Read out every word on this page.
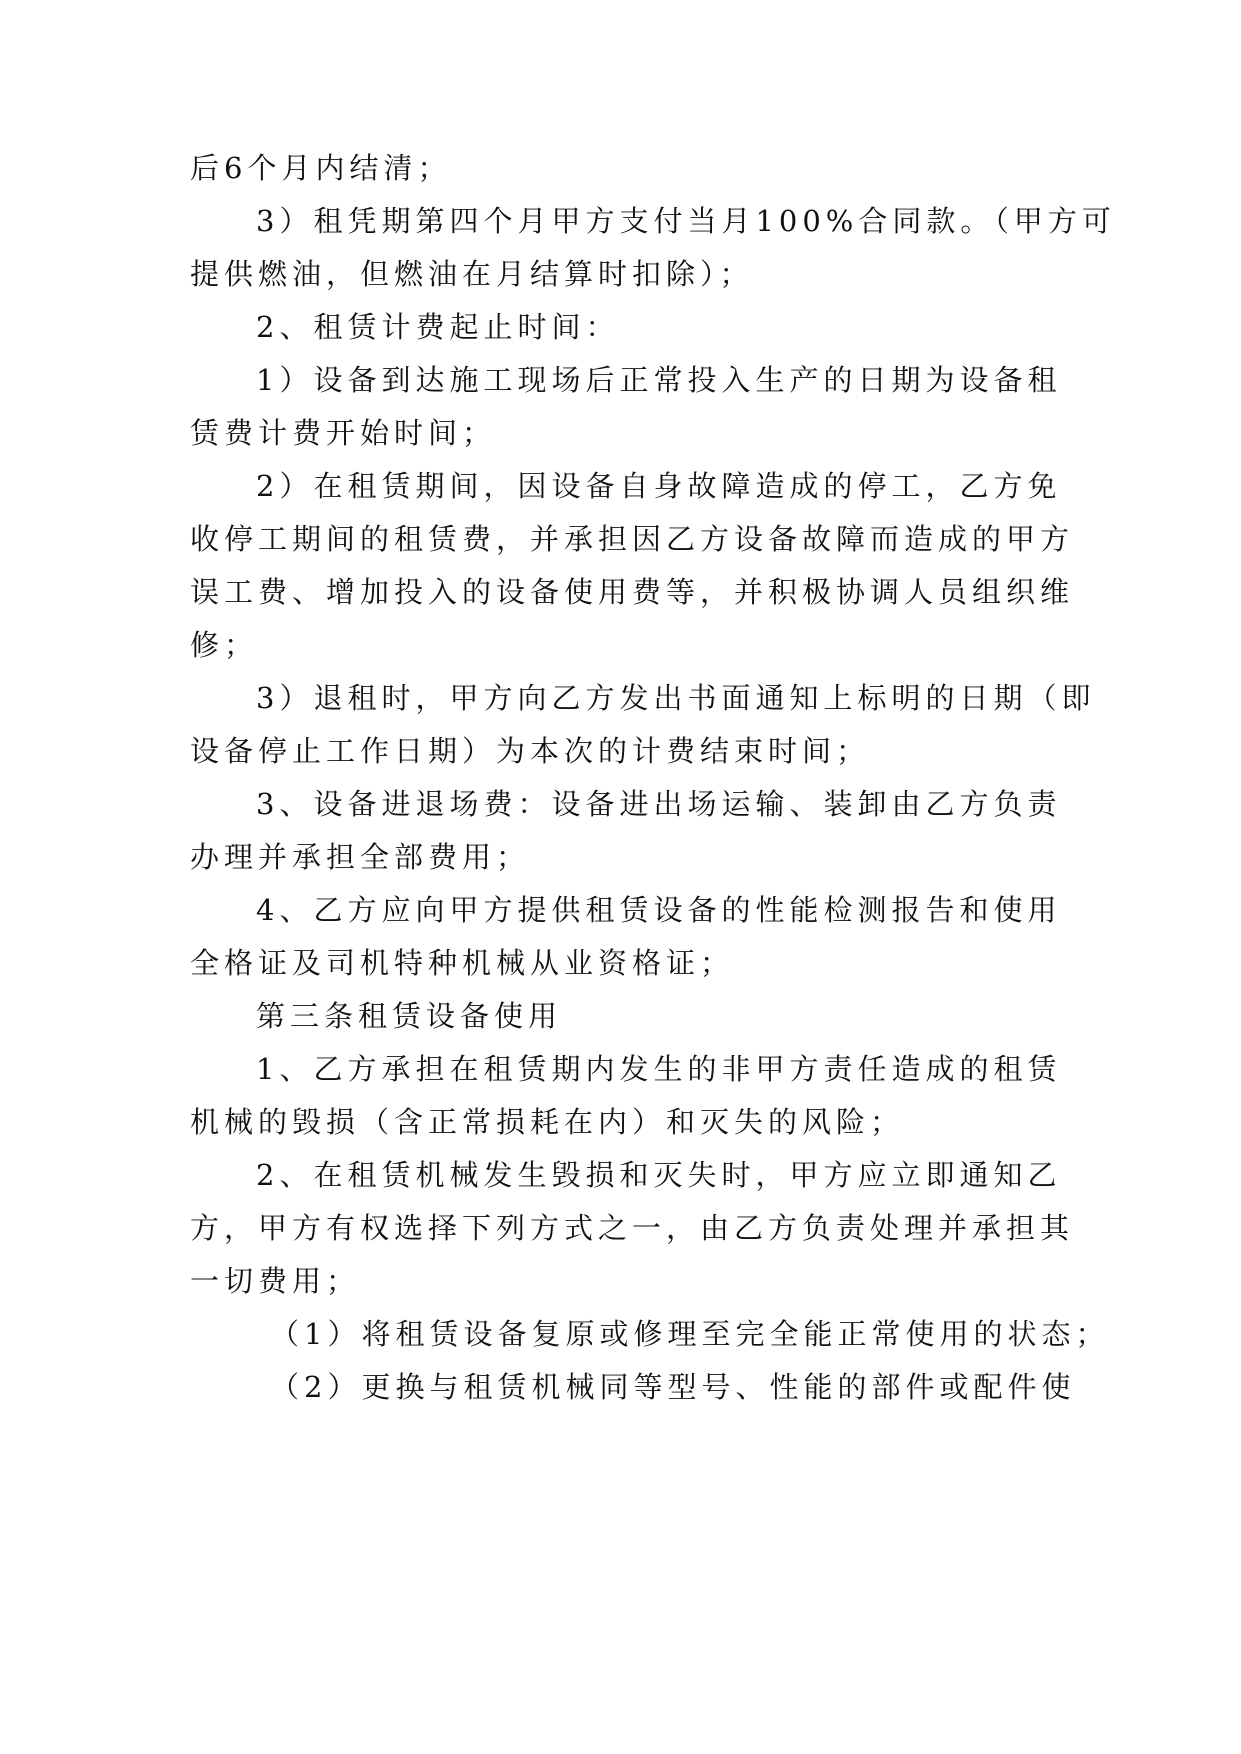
后6个月内结清；
3）租凭期第四个月甲方支付当月100%合同款。（甲方可
提供燃油，但燃油在月结算时扣除）；
2、租赁计费起止时间：
1）设备到达施工现场后正常投入生产的日期为设备租
赁费计费开始时间；
2）在租赁期间，因设备自身故障造成的停工，乙方免
收停工期间的租赁费，并承担因乙方设备故障而造成的甲方
误工费、增加投入的设备使用费等，并积极协调人员组织维
修；
3）退租时，甲方向乙方发出书面通知上标明的日期（即
设备停止工作日期）为本次的计费结束时间；
3、设备进退场费：设备进出场运输、装卸由乙方负责
办理并承担全部费用；
4、乙方应向甲方提供租赁设备的性能检测报告和使用
全格证及司机特种机械从业资格证；
第三条租赁设备使用
1、乙方承担在租赁期内发生的非甲方责任造成的租赁
机械的毁损（含正常损耗在内）和灭失的风险；
2、在租赁机械发生毁损和灭失时，甲方应立即通知乙
方，甲方有权选择下列方式之一，由乙方负责处理并承担其
一切费用；
（1）将租赁设备复原或修理至完全能正常使用的状态；
（2）更换与租赁机械同等型号、性能的部件或配件使
